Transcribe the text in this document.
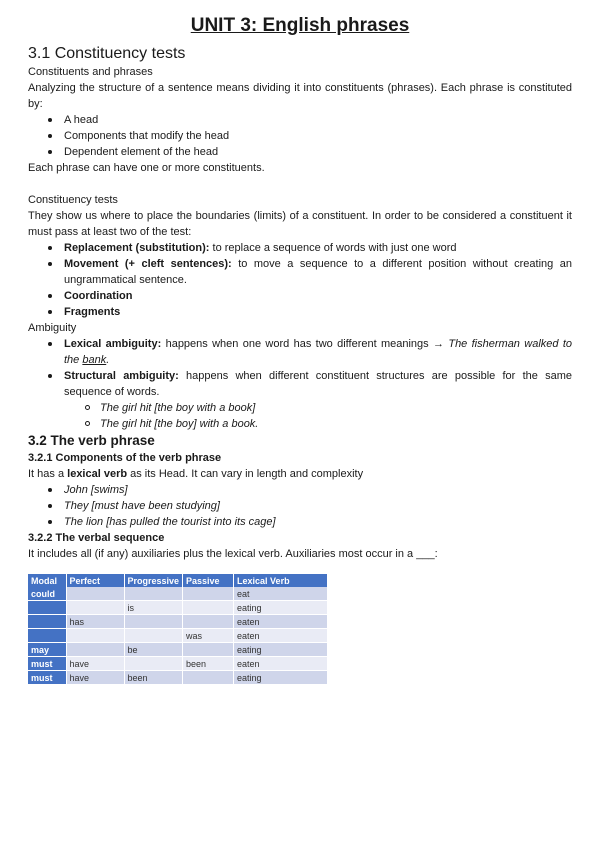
UNIT 3: English phrases
3.1 Constituency tests

Constituents and phrases

Analyzing the structure of a sentence means dividing it into constituents (phrases). Each phrase is constituted by:

A head
Components that modify the head
Dependent element of the head

Each phrase can have one or more constituents.

Constituency tests

They show us where to place the boundaries (limits) of a constituent. In order to be considered a constituent it must pass at least two of the test:

Replacement (substitution): to replace a sequence of words with just one word
Movement (+ cleft sentences): to move a sequence to a different position without creating an ungrammatical sentence.
Coordination
Fragments

Ambiguity

Lexical ambiguity: happens when one word has two different meanings → The fisherman walked to the bank.
Structural ambiguity: happens when different constituent structures are possible for the same sequence of words.
The girl hit [the boy with a book]
The girl hit [the boy] with a book.
3.2 The verb phrase
3.2.1 Components of the verb phrase

It has a lexical verb as its Head. It can vary in length and complexity

John [swims]
They [must have been studying]
The lion [has pulled the tourist into its cage]
3.2.2 The verbal sequence

It includes all (if any) auxiliaries plus the lexical verb. Auxiliaries most occur in a ___:

Modal	Perfect	Progressive	Passive	Lexical Verb
could				eat
		is		eating
	has			eaten
			was	eaten
may		be		eating
must	have		been	eaten
must	have	been		eating
